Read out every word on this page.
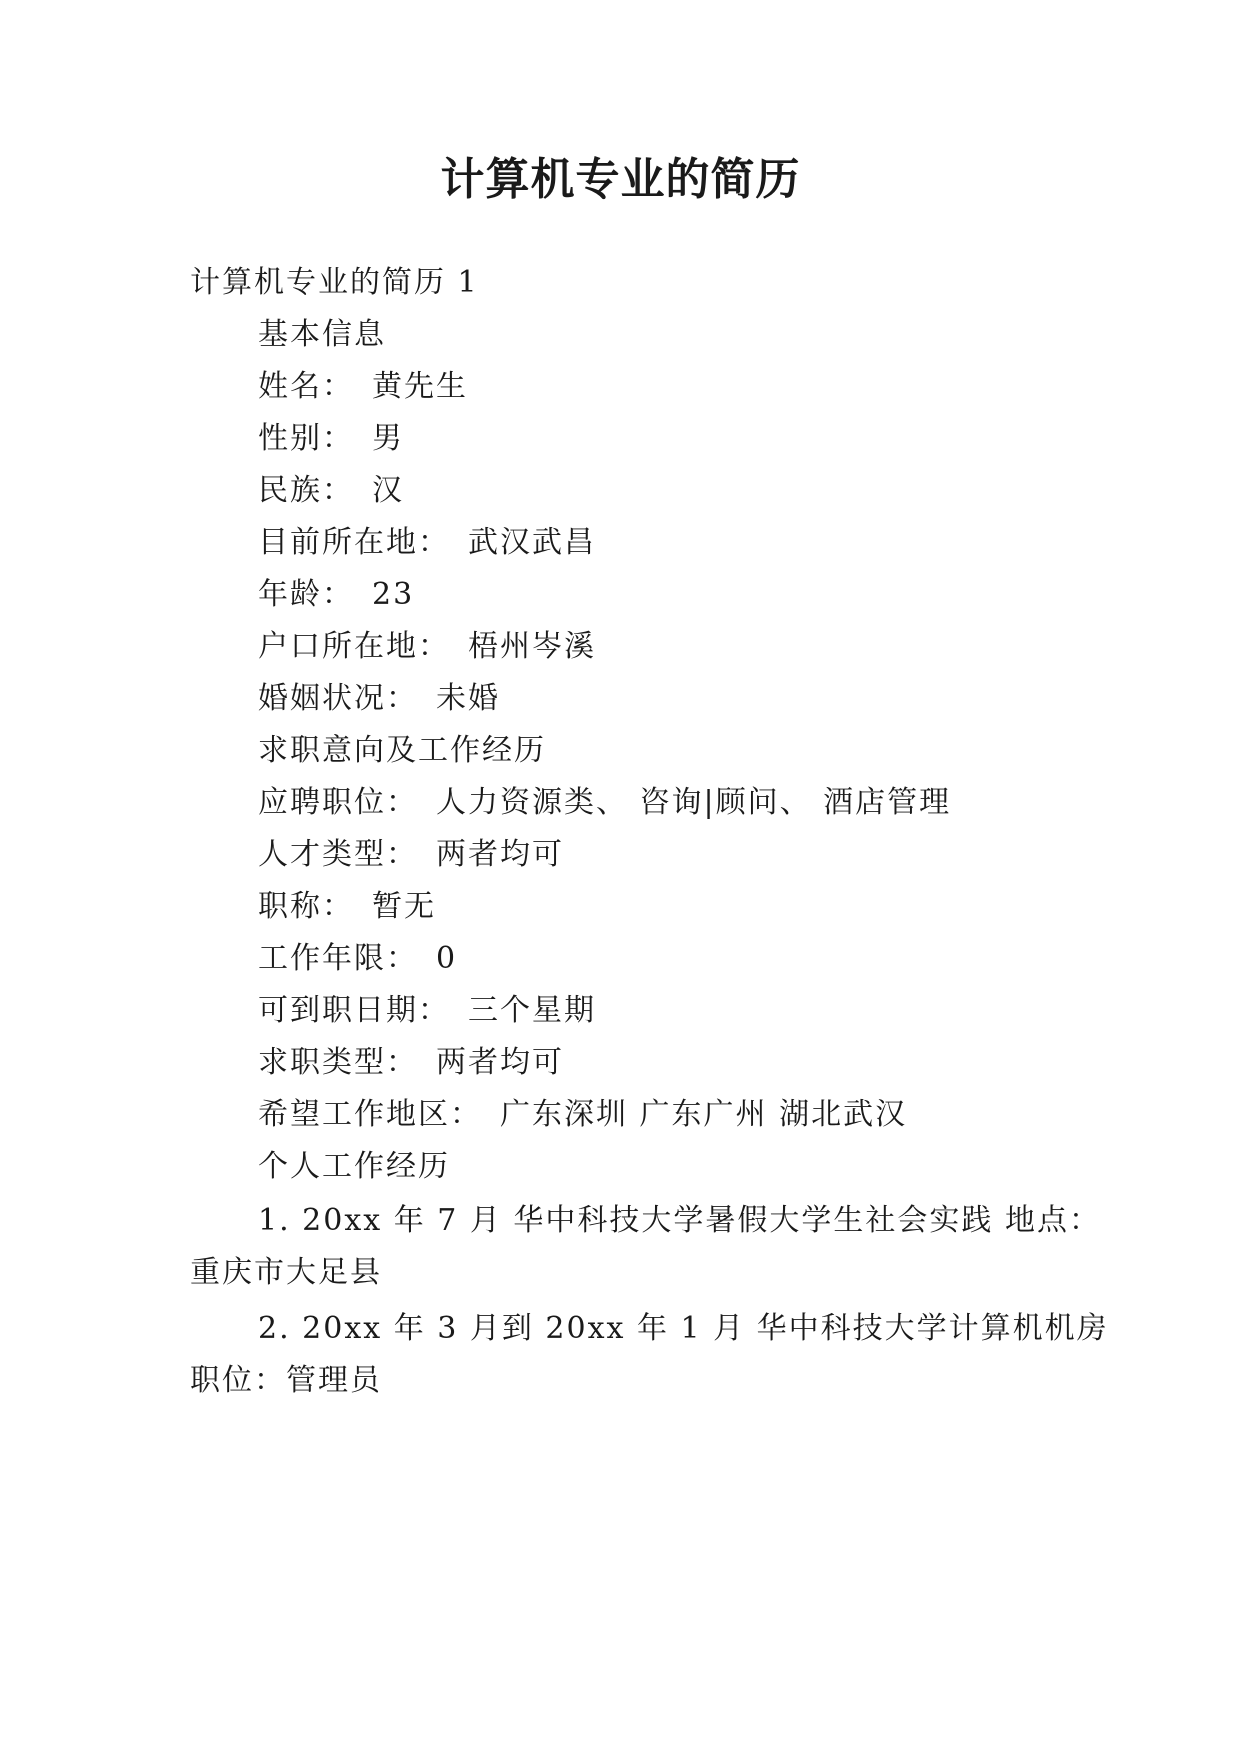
计算机专业的简历
计算机专业的简历 1
基本信息
姓名： 黄先生
性别： 男
民族： 汉
目前所在地： 武汉武昌
年龄： 23
户口所在地： 梧州岑溪
婚姻状况： 未婚
求职意向及工作经历
应聘职位： 人力资源类、 咨询|顾问、 酒店管理
人才类型： 两者均可
职称： 暂无
工作年限： 0
可到职日期： 三个星期
求职类型： 两者均可
希望工作地区： 广东深圳 广东广州 湖北武汉
个人工作经历
1. 20xx 年 7 月 华中科技大学暑假大学生社会实践 地点：
重庆市大足县
2. 20xx 年 3 月到 20xx 年 1 月 华中科技大学计算机机房
职位：管理员
